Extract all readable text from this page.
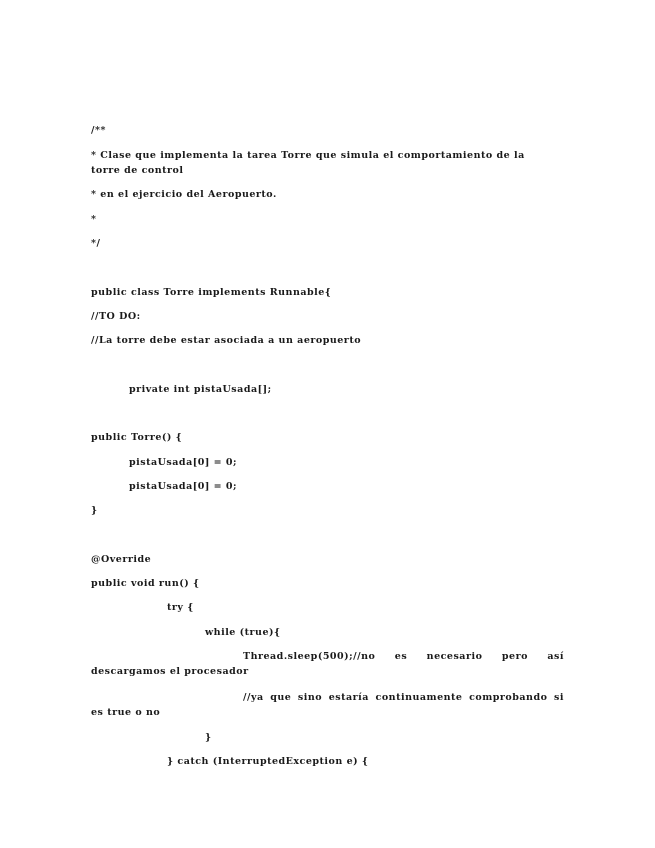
/**

* Clase que implementa la tarea Torre que simula el comportamiento de la
torre de control

* en el ejercicio del Aeropuerto.

*

*/

public class Torre implements Runnable{

//TO DO:

//La torre debe estar asociada a un aeropuerto

private int pistaUsada[];

public Torre() {

pistaUsada[0] = 0;

pistaUsada[0] = 0;

}

@Override

public void run() {

try {

while (true){

Thread.sleep(500);//no es necesario pero así
descargamos el procesador
//ya que sino estaría continuamente comprobando si
es true o no

}

} catch (InterruptedException e) {
